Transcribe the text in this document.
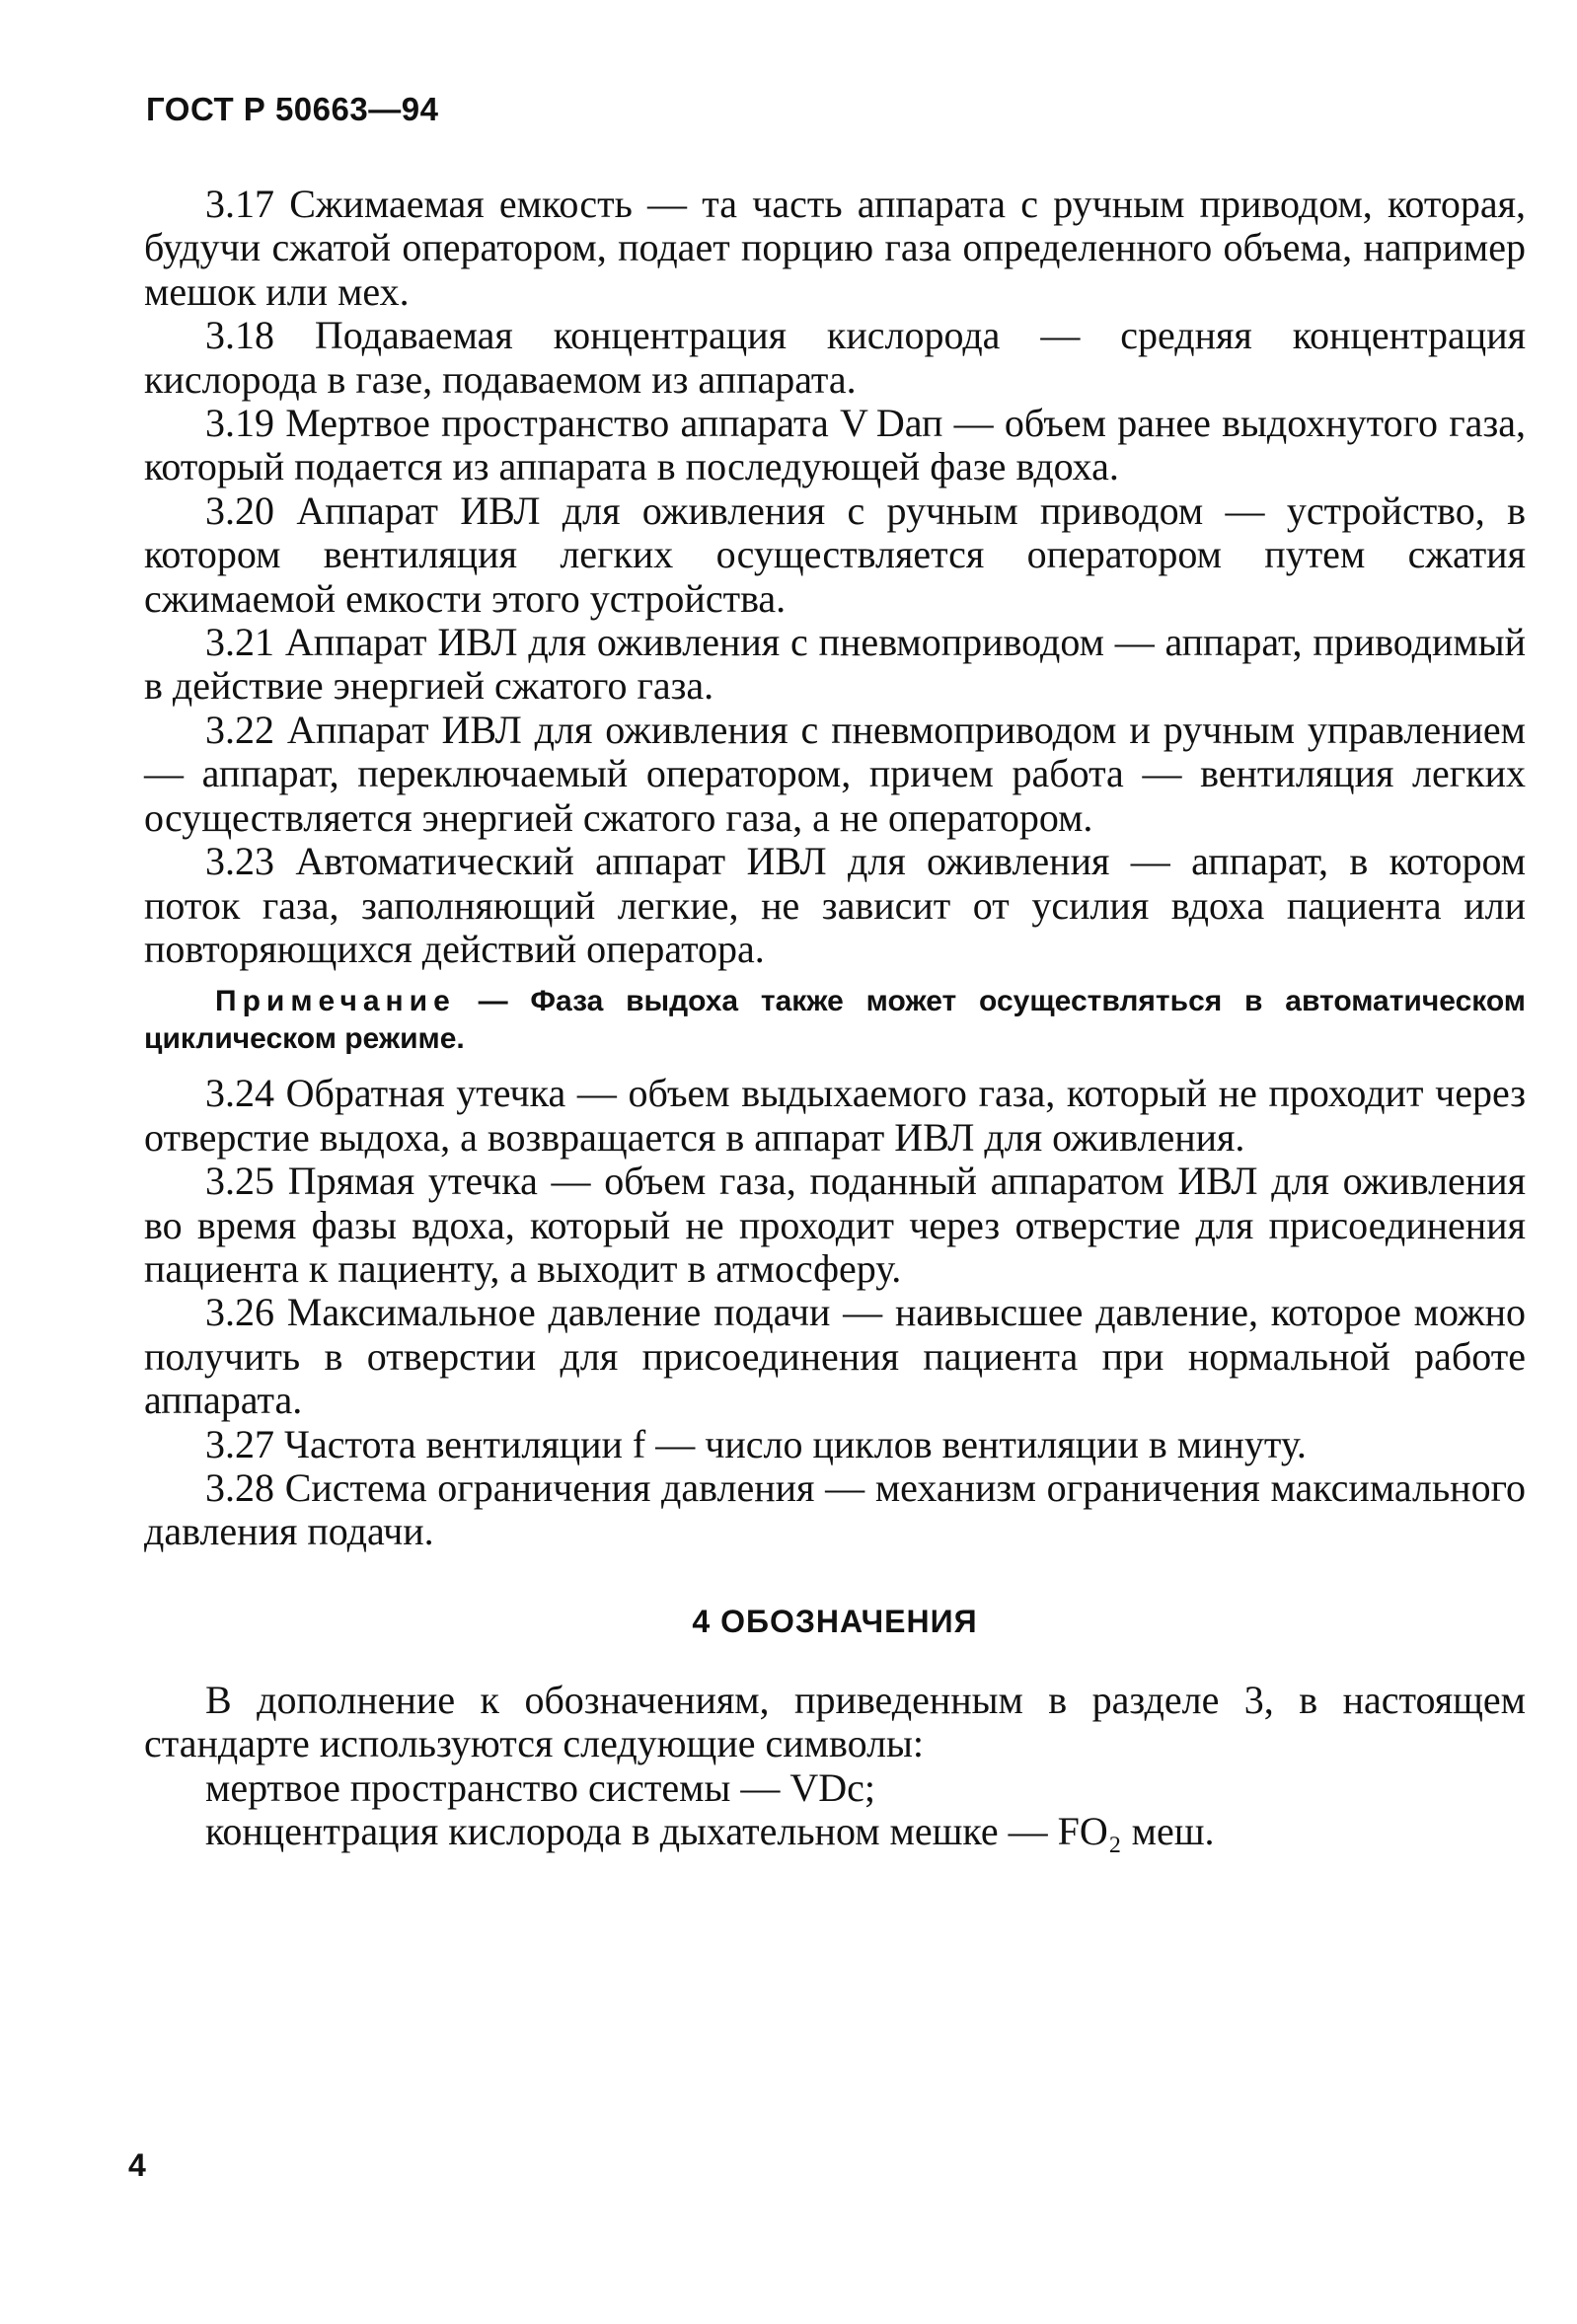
ГОСТ Р 50663—94

3.17 Сжимаемая емкость — та часть аппарата с ручным приводом, которая, будучи сжатой оператором, подает порцию газа определенного объема, например мешок или мех.

3.18 Подаваемая концентрация кислорода — средняя концентрация кислорода в газе, подаваемом из аппарата.

3.19 Мертвое пространство аппарата V Dап — объем ранее выдохнутого газа, который подается из аппарата в последующей фазе вдоха.

3.20 Аппарат ИВЛ для оживления с ручным приводом — устройство, в котором вентиляция легких осуществляется оператором путем сжатия сжимаемой емкости этого устройства.

3.21 Аппарат ИВЛ для оживления с пневмоприводом — аппарат, приводимый в действие энергией сжатого газа.

3.22 Аппарат ИВЛ для оживления с пневмоприводом и ручным управлением — аппарат, переключаемый оператором, причем работа — вентиляция легких осуществляется энергией сжатого газа, а не оператором.

3.23 Автоматический аппарат ИВЛ для оживления — аппарат, в котором поток газа, заполняющий легкие, не зависит от усилия вдоха пациента или повторяющихся действий оператора.

Примечание — Фаза выдоха также может осуществляться в автоматическом циклическом режиме.

3.24 Обратная утечка — объем выдыхаемого газа, который не проходит через отверстие выдоха, а возвращается в аппарат ИВЛ для оживления.

3.25 Прямая утечка — объем газа, поданный аппаратом ИВЛ для оживления во время фазы вдоха, который не проходит через отверстие для присоединения пациента к пациенту, а выходит в атмосферу.

3.26 Максимальное давление подачи — наивысшее давление, которое можно получить в отверстии для присоединения пациента при нормальной работе аппарата.

3.27 Частота вентиляции f — число циклов вентиляции в минуту.

3.28 Система ограничения давления — механизм ограничения максимального давления подачи.

4 ОБОЗНАЧЕНИЯ

В дополнение к обозначениям, приведенным в разделе 3, в настоящем стандарте используются следующие символы:

мертвое пространство системы — VDc;

концентрация кислорода в дыхательном мешке — FO₂ меш.

4
